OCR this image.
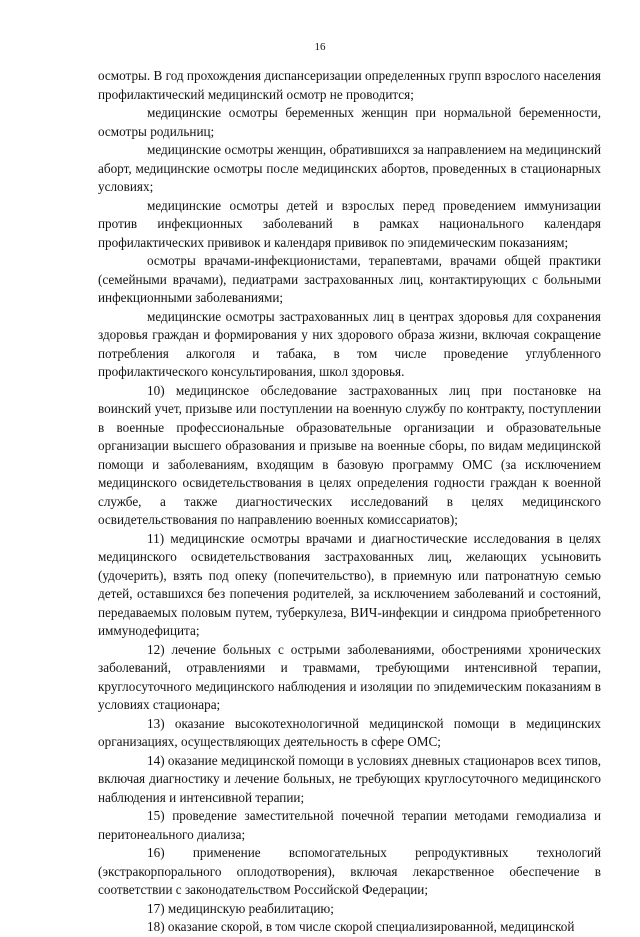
16

осмотры. В год прохождения диспансеризации определенных групп взрослого населения профилактический медицинский осмотр не проводится;

медицинские осмотры беременных женщин при нормальной беременности, осмотры родильниц;

медицинские осмотры женщин, обратившихся за направлением на медицинский аборт, медицинские осмотры после медицинских абортов, проведенных в стационарных условиях;

медицинские осмотры детей и взрослых перед проведением иммунизации против инфекционных заболеваний в рамках национального календаря профилактических прививок и календаря прививок по эпидемическим показаниям;

осмотры врачами-инфекционистами, терапевтами, врачами общей практики (семейными врачами), педиатрами застрахованных лиц, контактирующих с больными инфекционными заболеваниями;

медицинские осмотры застрахованных лиц в центрах здоровья для сохранения здоровья граждан и формирования у них здорового образа жизни, включая сокращение потребления алкоголя и табака, в том числе проведение углубленного профилактического консультирования, школ здоровья.

10) медицинское обследование застрахованных лиц при постановке на воинский учет, призыве или поступлении на военную службу по контракту, поступлении в военные профессиональные образовательные организации и образовательные организации высшего образования и призыве на военные сборы, по видам медицинской помощи и заболеваниям, входящим в базовую программу ОМС (за исключением медицинского освидетельствования в целях определения годности граждан к военной службе, а также диагностических исследований в целях медицинского освидетельствования по направлению военных комиссариатов);

11) медицинские осмотры врачами и диагностические исследования в целях медицинского освидетельствования застрахованных лиц, желающих усыновить (удочерить), взять под опеку (попечительство), в приемную или патронатную семью детей, оставшихся без попечения родителей, за исключением заболеваний и состояний, передаваемых половым путем, туберкулеза, ВИЧ-инфекции и синдрома приобретенного иммунодефицита;

12) лечение больных с острыми заболеваниями, обострениями хронических заболеваний, отравлениями и травмами, требующими интенсивной терапии, круглосуточного медицинского наблюдения и изоляции по эпидемическим показаниям в условиях стационара;

13) оказание высокотехнологичной медицинской помощи в медицинских организациях, осуществляющих деятельность в сфере ОМС;

14) оказание медицинской помощи в условиях дневных стационаров всех типов, включая диагностику и лечение больных, не требующих круглосуточного медицинского наблюдения и интенсивной терапии;

15) проведение заместительной почечной терапии методами гемодиализа и перитонеального диализа;

16) применение вспомогательных репродуктивных технологий (экстракорпорального оплодотворения), включая лекарственное обеспечение в соответствии с законодательством Российской Федерации;

17) медицинскую реабилитацию;

18) оказание скорой, в том числе скорой специализированной, медицинской
